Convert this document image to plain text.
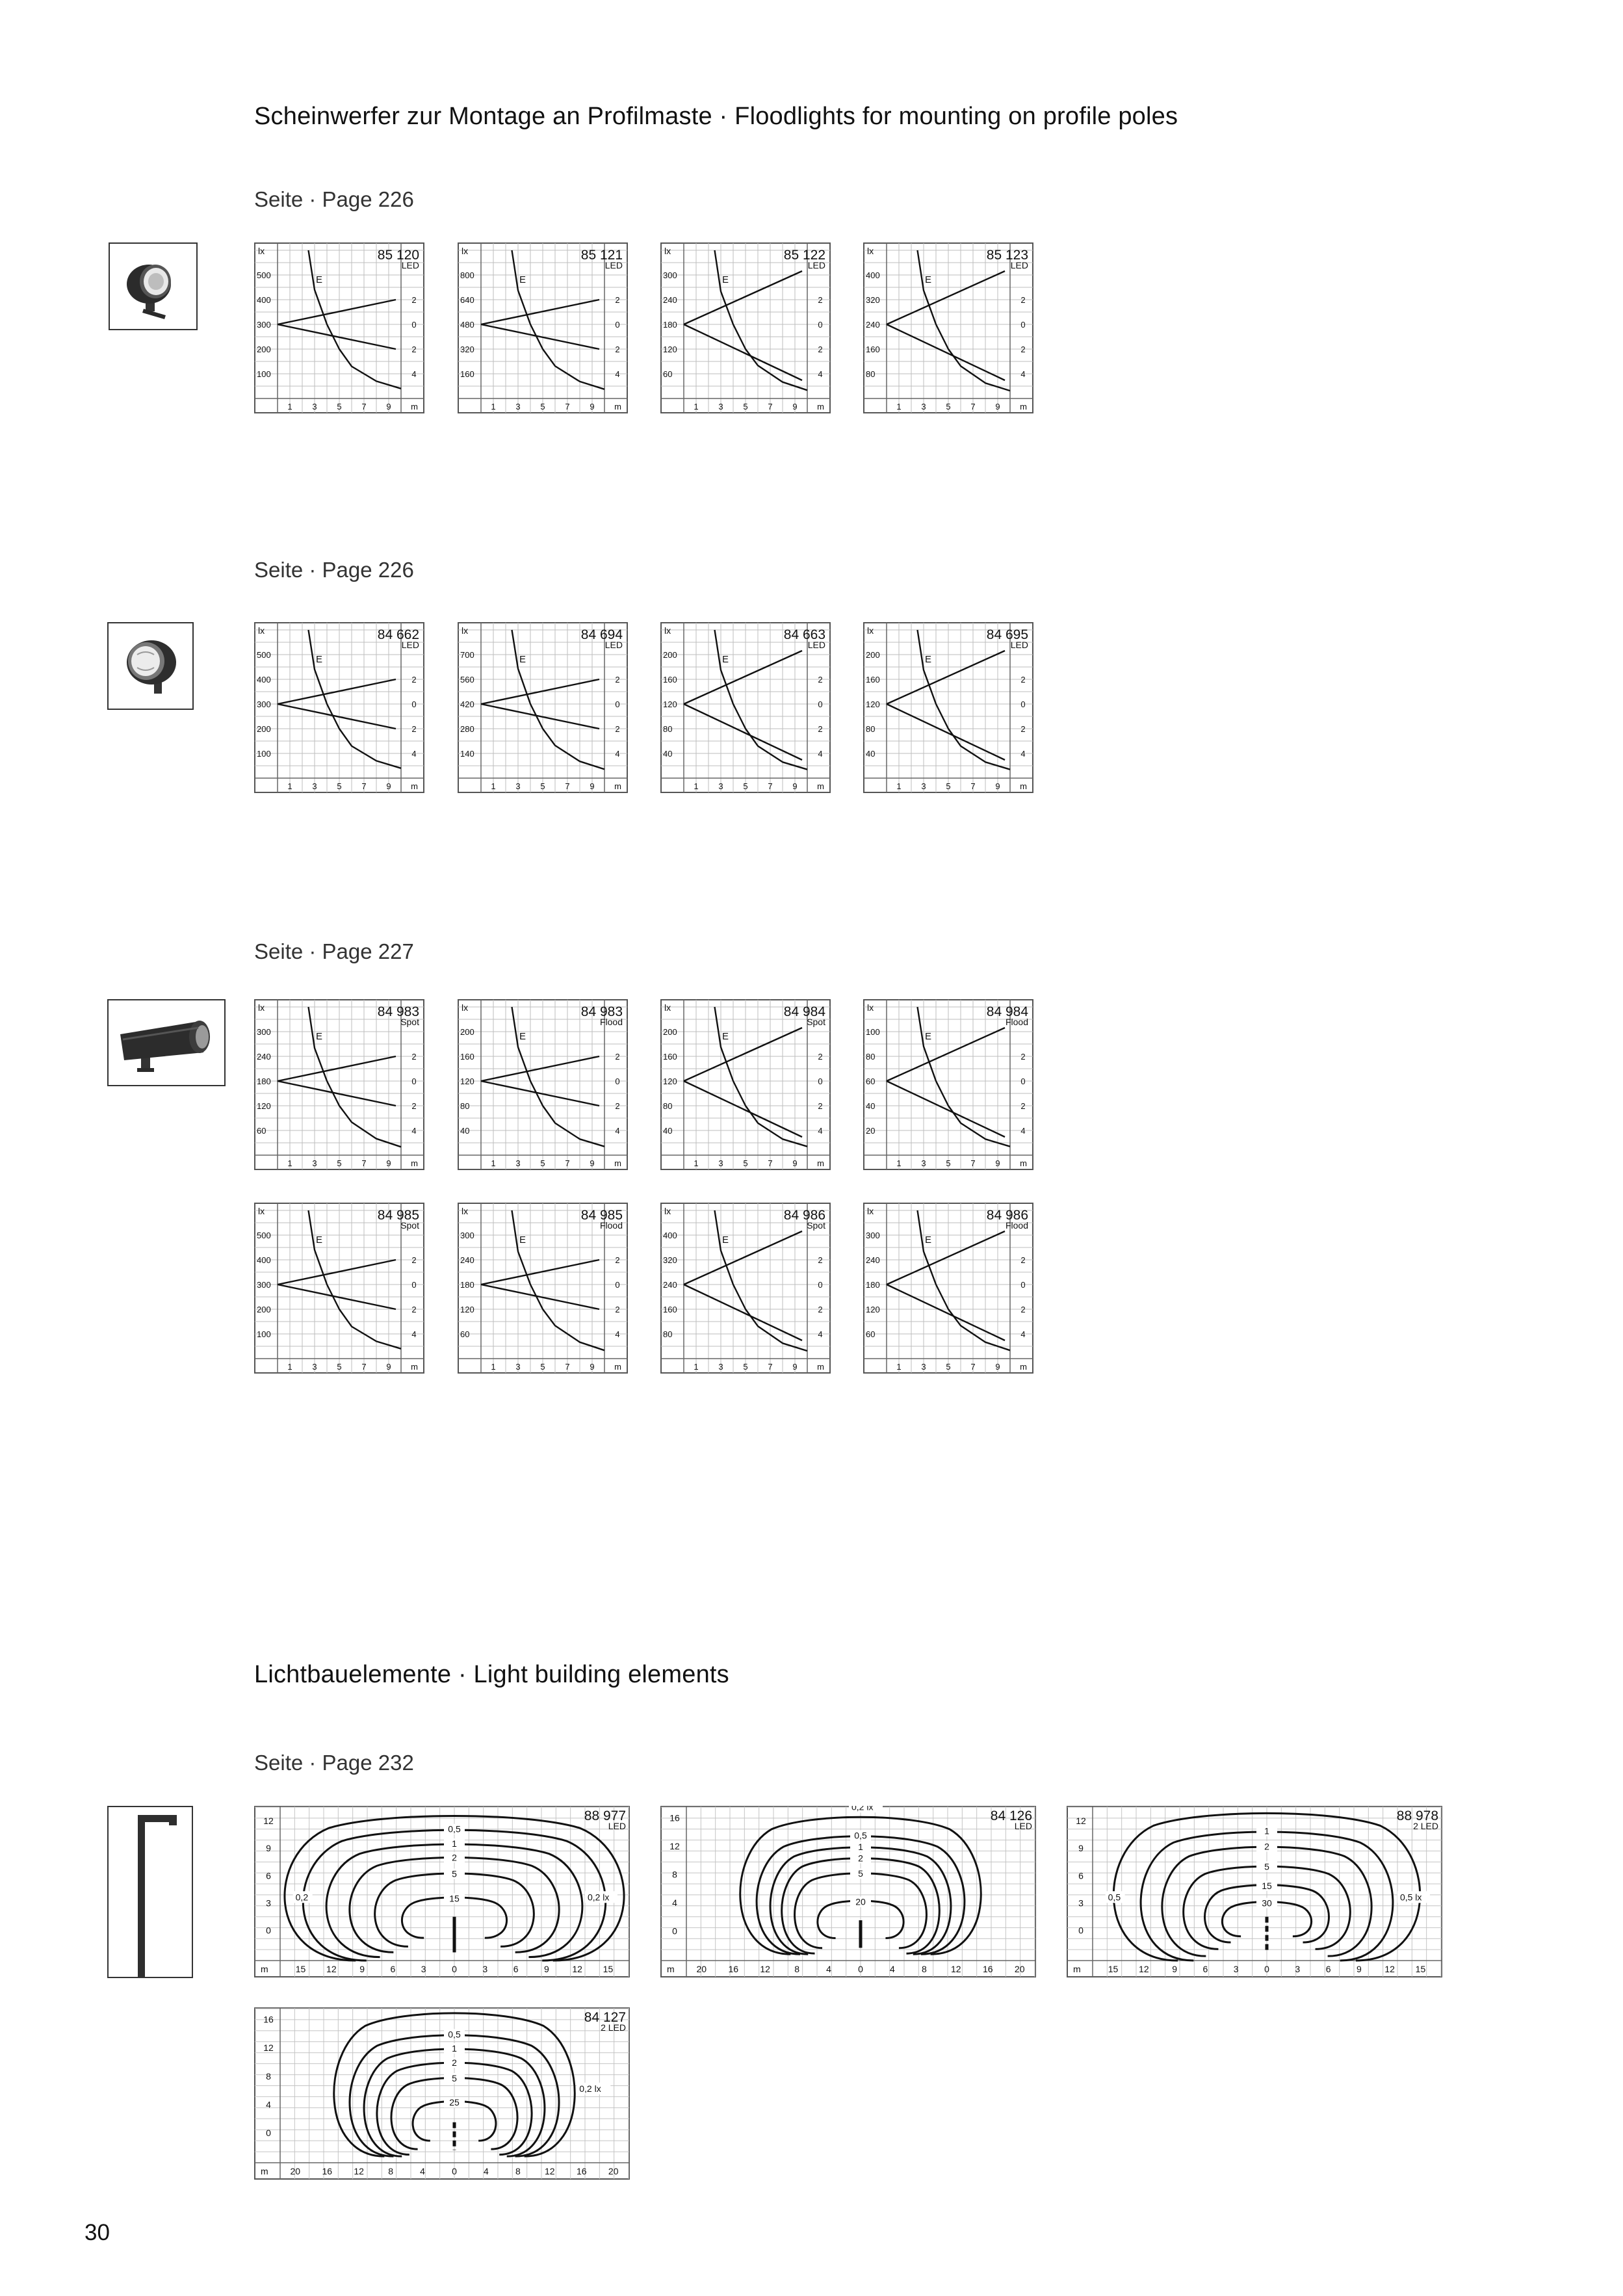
Scheinwerfer zur Montage an Profilmaste · Floodlights for mounting on profile poles
Lichtbauelemente · Light building elements
Seite · Page 226
Seite · Page 226
Seite · Page 227
Seite · Page 232
lx	85 120
LED
E
500
400
300
200
100
1 3 5 7 9 m
2
0
2
4
lx	85 121
LED
E
800
640
480
320
160
1 3 5 7 9 m
2
0
2
4
lx	85 122
LED
E
300
240
180
120
60
1 3 5 7 9 m
2
0
2
4
lx	85 123
LED
E
400
320
240
160
80
1 3 5 7 9 m
2
0
2
4
lx	84 662
LED
E
500
400
300
200
100
1 3 5 7 9 m
2
0
2
4
lx	84 694
LED
E
700
560
420
280
140
1 3 5 7 9 m
2
0
2
4
lx	84 663
LED
E
200
160
120
80
40
1 3 5 7 9 m
2
0
2
4
lx	84 695
LED
E
200
160
120
80
40
1 3 5 7 9 m
2
0
2
4
lx	84 983
Spot
E
300
240
180
120
60
1 3 5 7 9 m
2
0
2
4
lx	84 983
Flood
E
200
160
120
80
40
1 3 5 7 9 m
2
0
2
4
lx	84 984
Spot
E
200
160
120
80
40
1 3 5 7 9 m
2
0
2
4
lx	84 984
Flood
E
100
80
60
40
20
1 3 5 7 9 m
2
0
2
4
lx	84 985
Spot
E
500
400
300
200
100
1 3 5 7 9 m
2
0
2
4
lx	84 985
Flood
E
300
240
180
120
60
1 3 5 7 9 m
2
0
2
4
lx	84 986
Spot
E
400
320
240
160
80
1 3 5 7 9 m
2
0
2
4
lx	84 986
Flood
E
300
240
180
120
60
1 3 5 7 9 m
2
0
2
4
88 977
LED
12
9
6
3
0
m	15 12	9	6	3	0	3	6	9	12 15
0,5
1
2
5
15
0,2	0,2 lx
84 126
LED
16
12
8
4
0
m 20 16 12	8	4	0	4	8	12 16 20
0,5
1
2
5
20
0,2 lx
88 978
2 LED
12
9
6
3
0
m	15 12	9	6	3	0	3	6	9	12 15
1
2
5
15
30
0,5	0,5 lx
84 127
2 LED
16
12
8
4
0
m 20 16 12	8	4	0	4	8	12 16 20
0,5
1
2
5
25
0,2 lx
30
